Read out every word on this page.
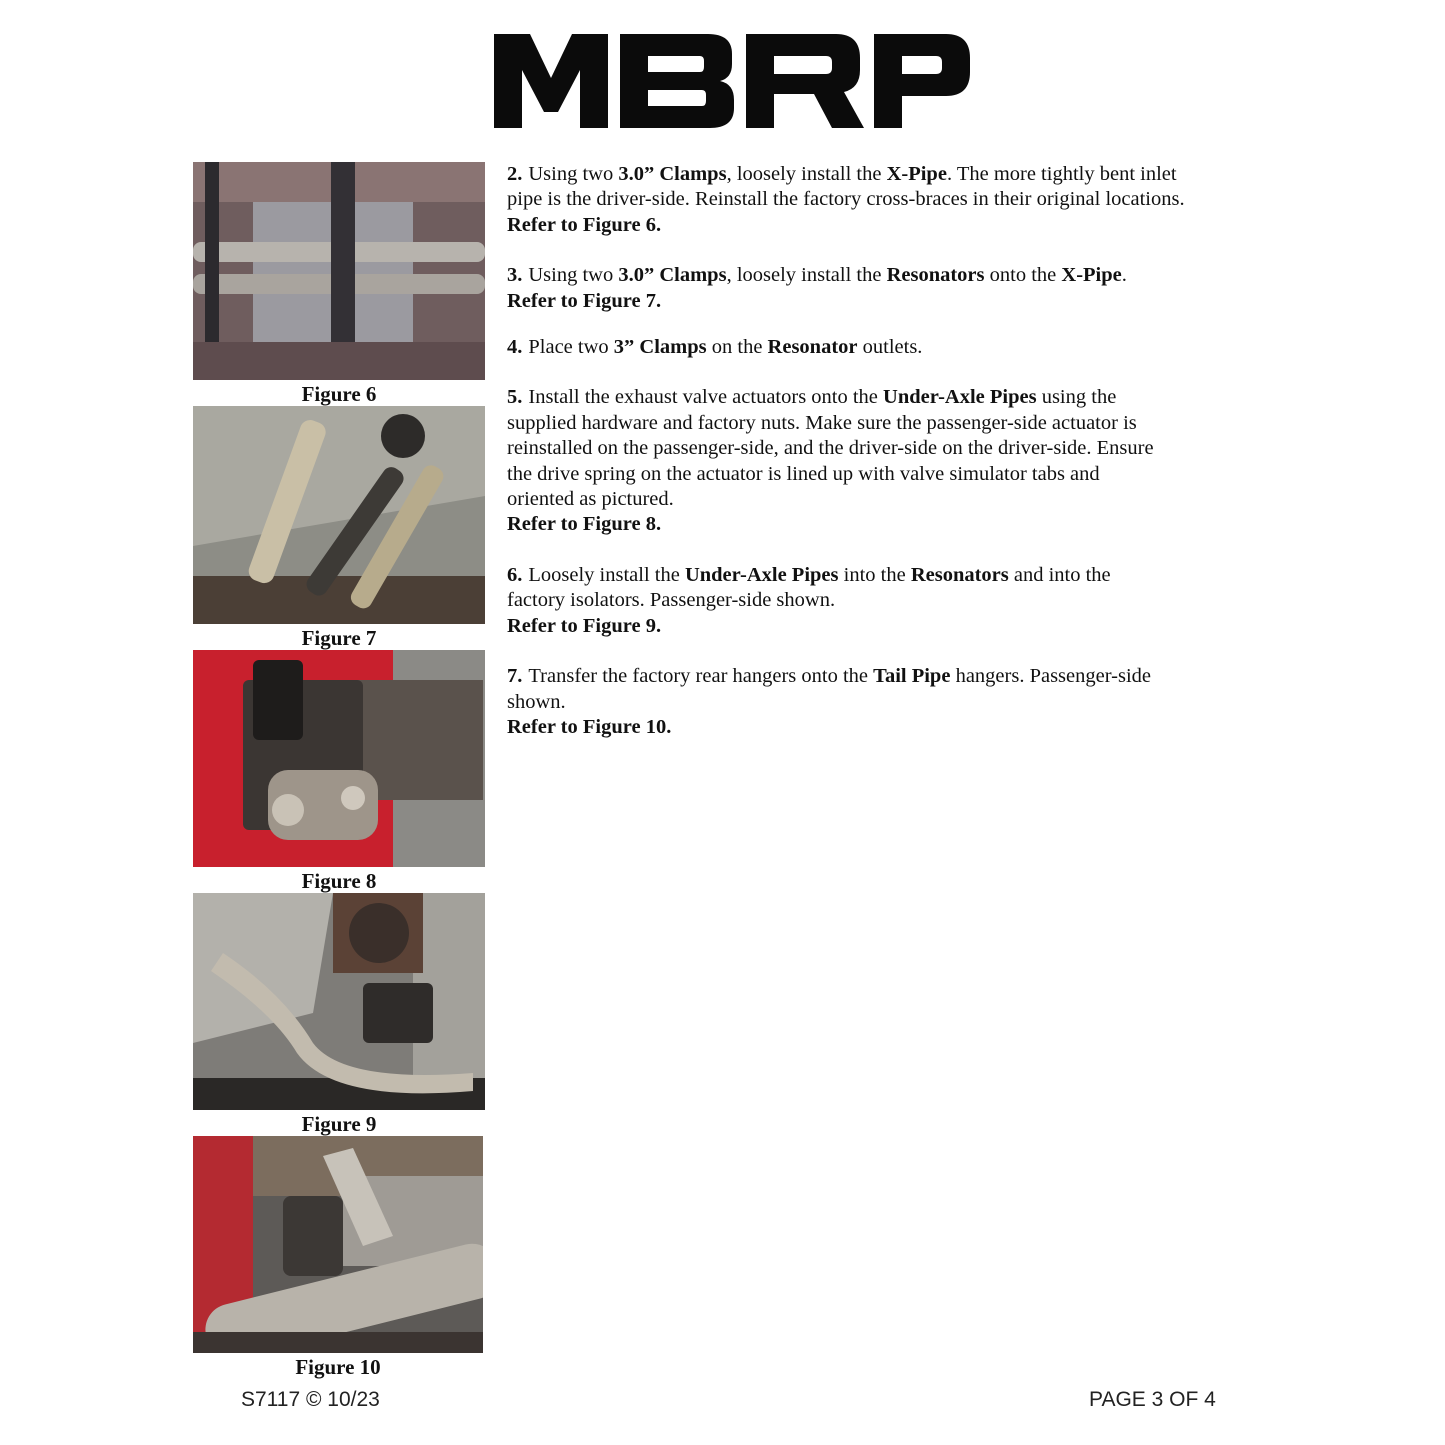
Figure 6
Figure 7
Figure 8
Figure 9
Figure 10

2. Using two 3.0” Clamps, loosely install the X-Pipe. The more tightly bent inlet pipe is the driver-side. Reinstall the factory cross-braces in their original locations.
Refer to Figure 6.

3. Using two 3.0” Clamps, loosely install the Resonators onto the X-Pipe.
Refer to Figure 7.

4. Place two 3” Clamps on the Resonator outlets.

5. Install the exhaust valve actuators onto the Under-Axle Pipes using the supplied hardware and factory nuts. Make sure the passenger-side actuator is reinstalled on the passenger-side, and the driver-side on the driver-side. Ensure the drive spring on the actuator is lined up with valve simulator tabs and oriented as pictured.
Refer to Figure 8.

6. Loosely install the Under-Axle Pipes into the Resonators and into the factory isolators. Passenger-side shown.
Refer to Figure 9.

7. Transfer the factory rear hangers onto the Tail Pipe hangers. Passenger-side shown.
Refer to Figure 10.

S7117 © 10/23	PAGE 3 OF 4
